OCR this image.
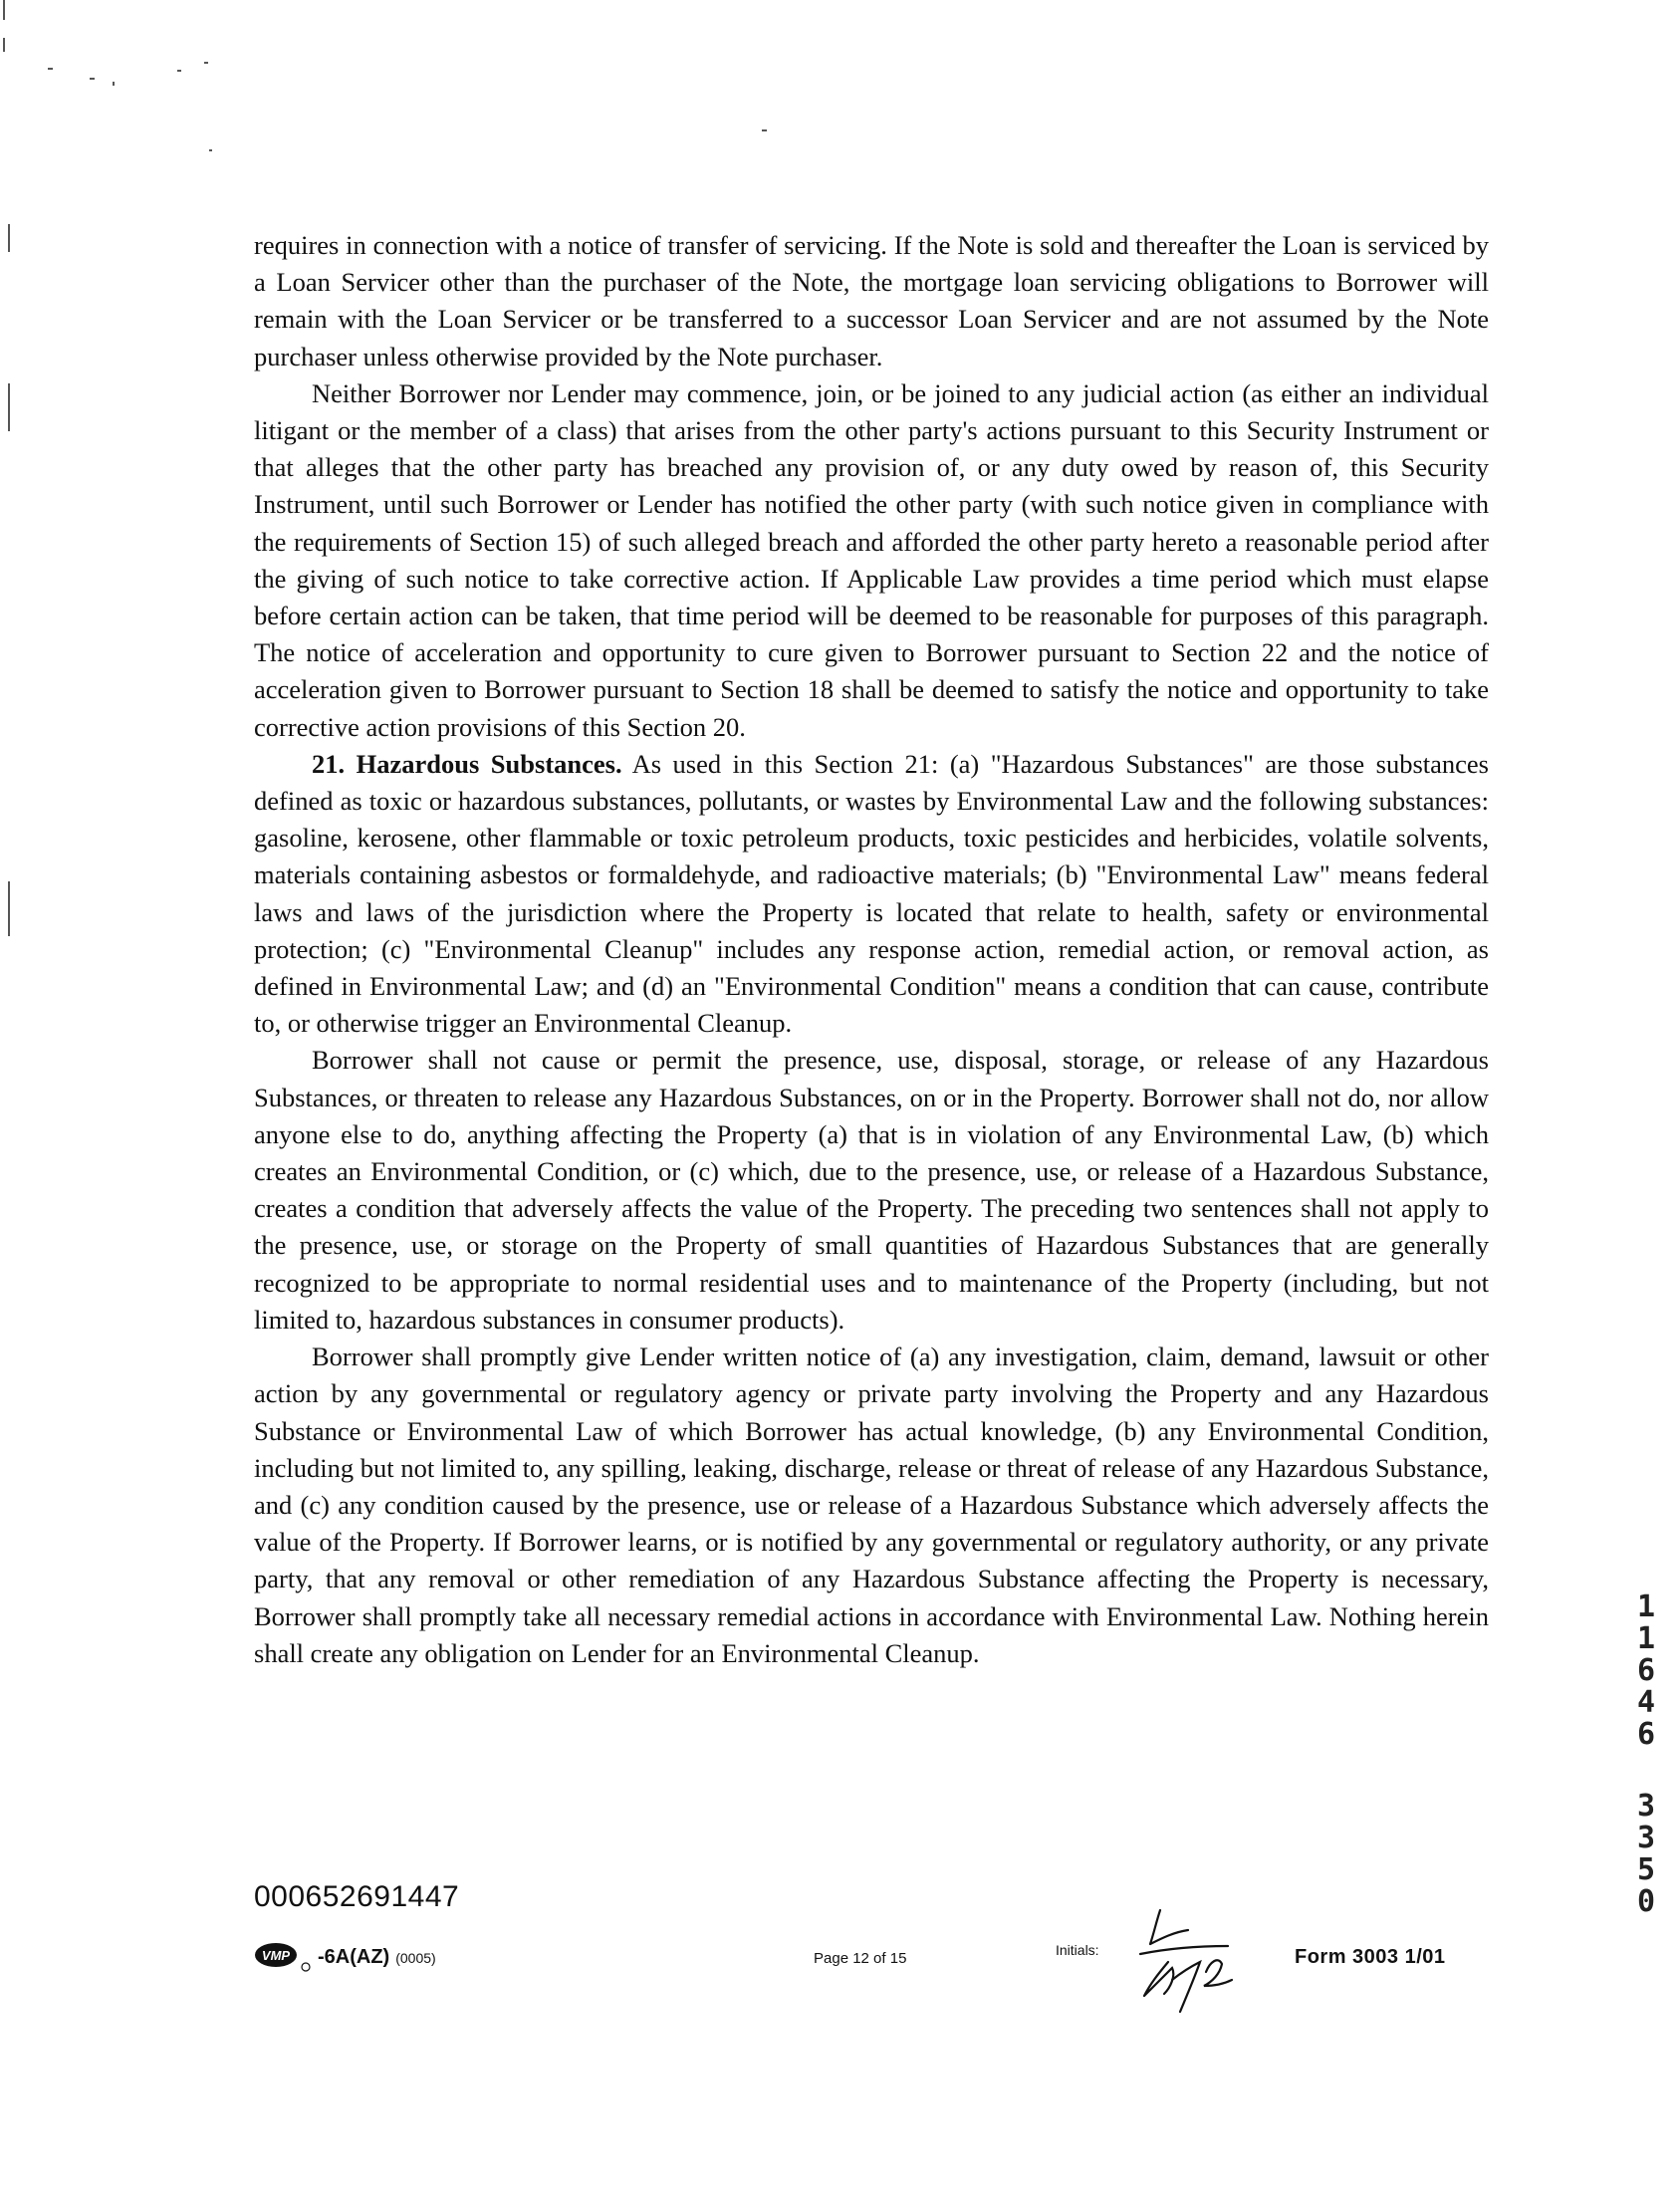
requires in connection with a notice of transfer of servicing. If the Note is sold and thereafter the Loan is serviced by a Loan Servicer other than the purchaser of the Note, the mortgage loan servicing obligations to Borrower will remain with the Loan Servicer or be transferred to a successor Loan Servicer and are not assumed by the Note purchaser unless otherwise provided by the Note purchaser.

Neither Borrower nor Lender may commence, join, or be joined to any judicial action (as either an individual litigant or the member of a class) that arises from the other party's actions pursuant to this Security Instrument or that alleges that the other party has breached any provision of, or any duty owed by reason of, this Security Instrument, until such Borrower or Lender has notified the other party (with such notice given in compliance with the requirements of Section 15) of such alleged breach and afforded the other party hereto a reasonable period after the giving of such notice to take corrective action. If Applicable Law provides a time period which must elapse before certain action can be taken, that time period will be deemed to be reasonable for purposes of this paragraph. The notice of acceleration and opportunity to cure given to Borrower pursuant to Section 22 and the notice of acceleration given to Borrower pursuant to Section 18 shall be deemed to satisfy the notice and opportunity to take corrective action provisions of this Section 20.

21. Hazardous Substances. As used in this Section 21: (a) "Hazardous Substances" are those substances defined as toxic or hazardous substances, pollutants, or wastes by Environmental Law and the following substances: gasoline, kerosene, other flammable or toxic petroleum products, toxic pesticides and herbicides, volatile solvents, materials containing asbestos or formaldehyde, and radioactive materials; (b) "Environmental Law" means federal laws and laws of the jurisdiction where the Property is located that relate to health, safety or environmental protection; (c) "Environmental Cleanup" includes any response action, remedial action, or removal action, as defined in Environmental Law; and (d) an "Environmental Condition" means a condition that can cause, contribute to, or otherwise trigger an Environmental Cleanup.

Borrower shall not cause or permit the presence, use, disposal, storage, or release of any Hazardous Substances, or threaten to release any Hazardous Substances, on or in the Property. Borrower shall not do, nor allow anyone else to do, anything affecting the Property (a) that is in violation of any Environmental Law, (b) which creates an Environmental Condition, or (c) which, due to the presence, use, or release of a Hazardous Substance, creates a condition that adversely affects the value of the Property. The preceding two sentences shall not apply to the presence, use, or storage on the Property of small quantities of Hazardous Substances that are generally recognized to be appropriate to normal residential uses and to maintenance of the Property (including, but not limited to, hazardous substances in consumer products).

Borrower shall promptly give Lender written notice of (a) any investigation, claim, demand, lawsuit or other action by any governmental or regulatory agency or private party involving the Property and any Hazardous Substance or Environmental Law of which Borrower has actual knowledge, (b) any Environmental Condition, including but not limited to, any spilling, leaking, discharge, release or threat of release of any Hazardous Substance, and (c) any condition caused by the presence, use or release of a Hazardous Substance which adversely affects the value of the Property. If Borrower learns, or is notified by any governmental or regulatory authority, or any private party, that any removal or other remediation of any Hazardous Substance affecting the Property is necessary, Borrower shall promptly take all necessary remedial actions in accordance with Environmental Law. Nothing herein shall create any obligation on Lender for an Environmental Cleanup.

000652691447
VMP -6A(AZ) (0005)	Page 12 of 15	Initials:	Form 3003 1/01
1
1
6
4
6
3
3
5
0
